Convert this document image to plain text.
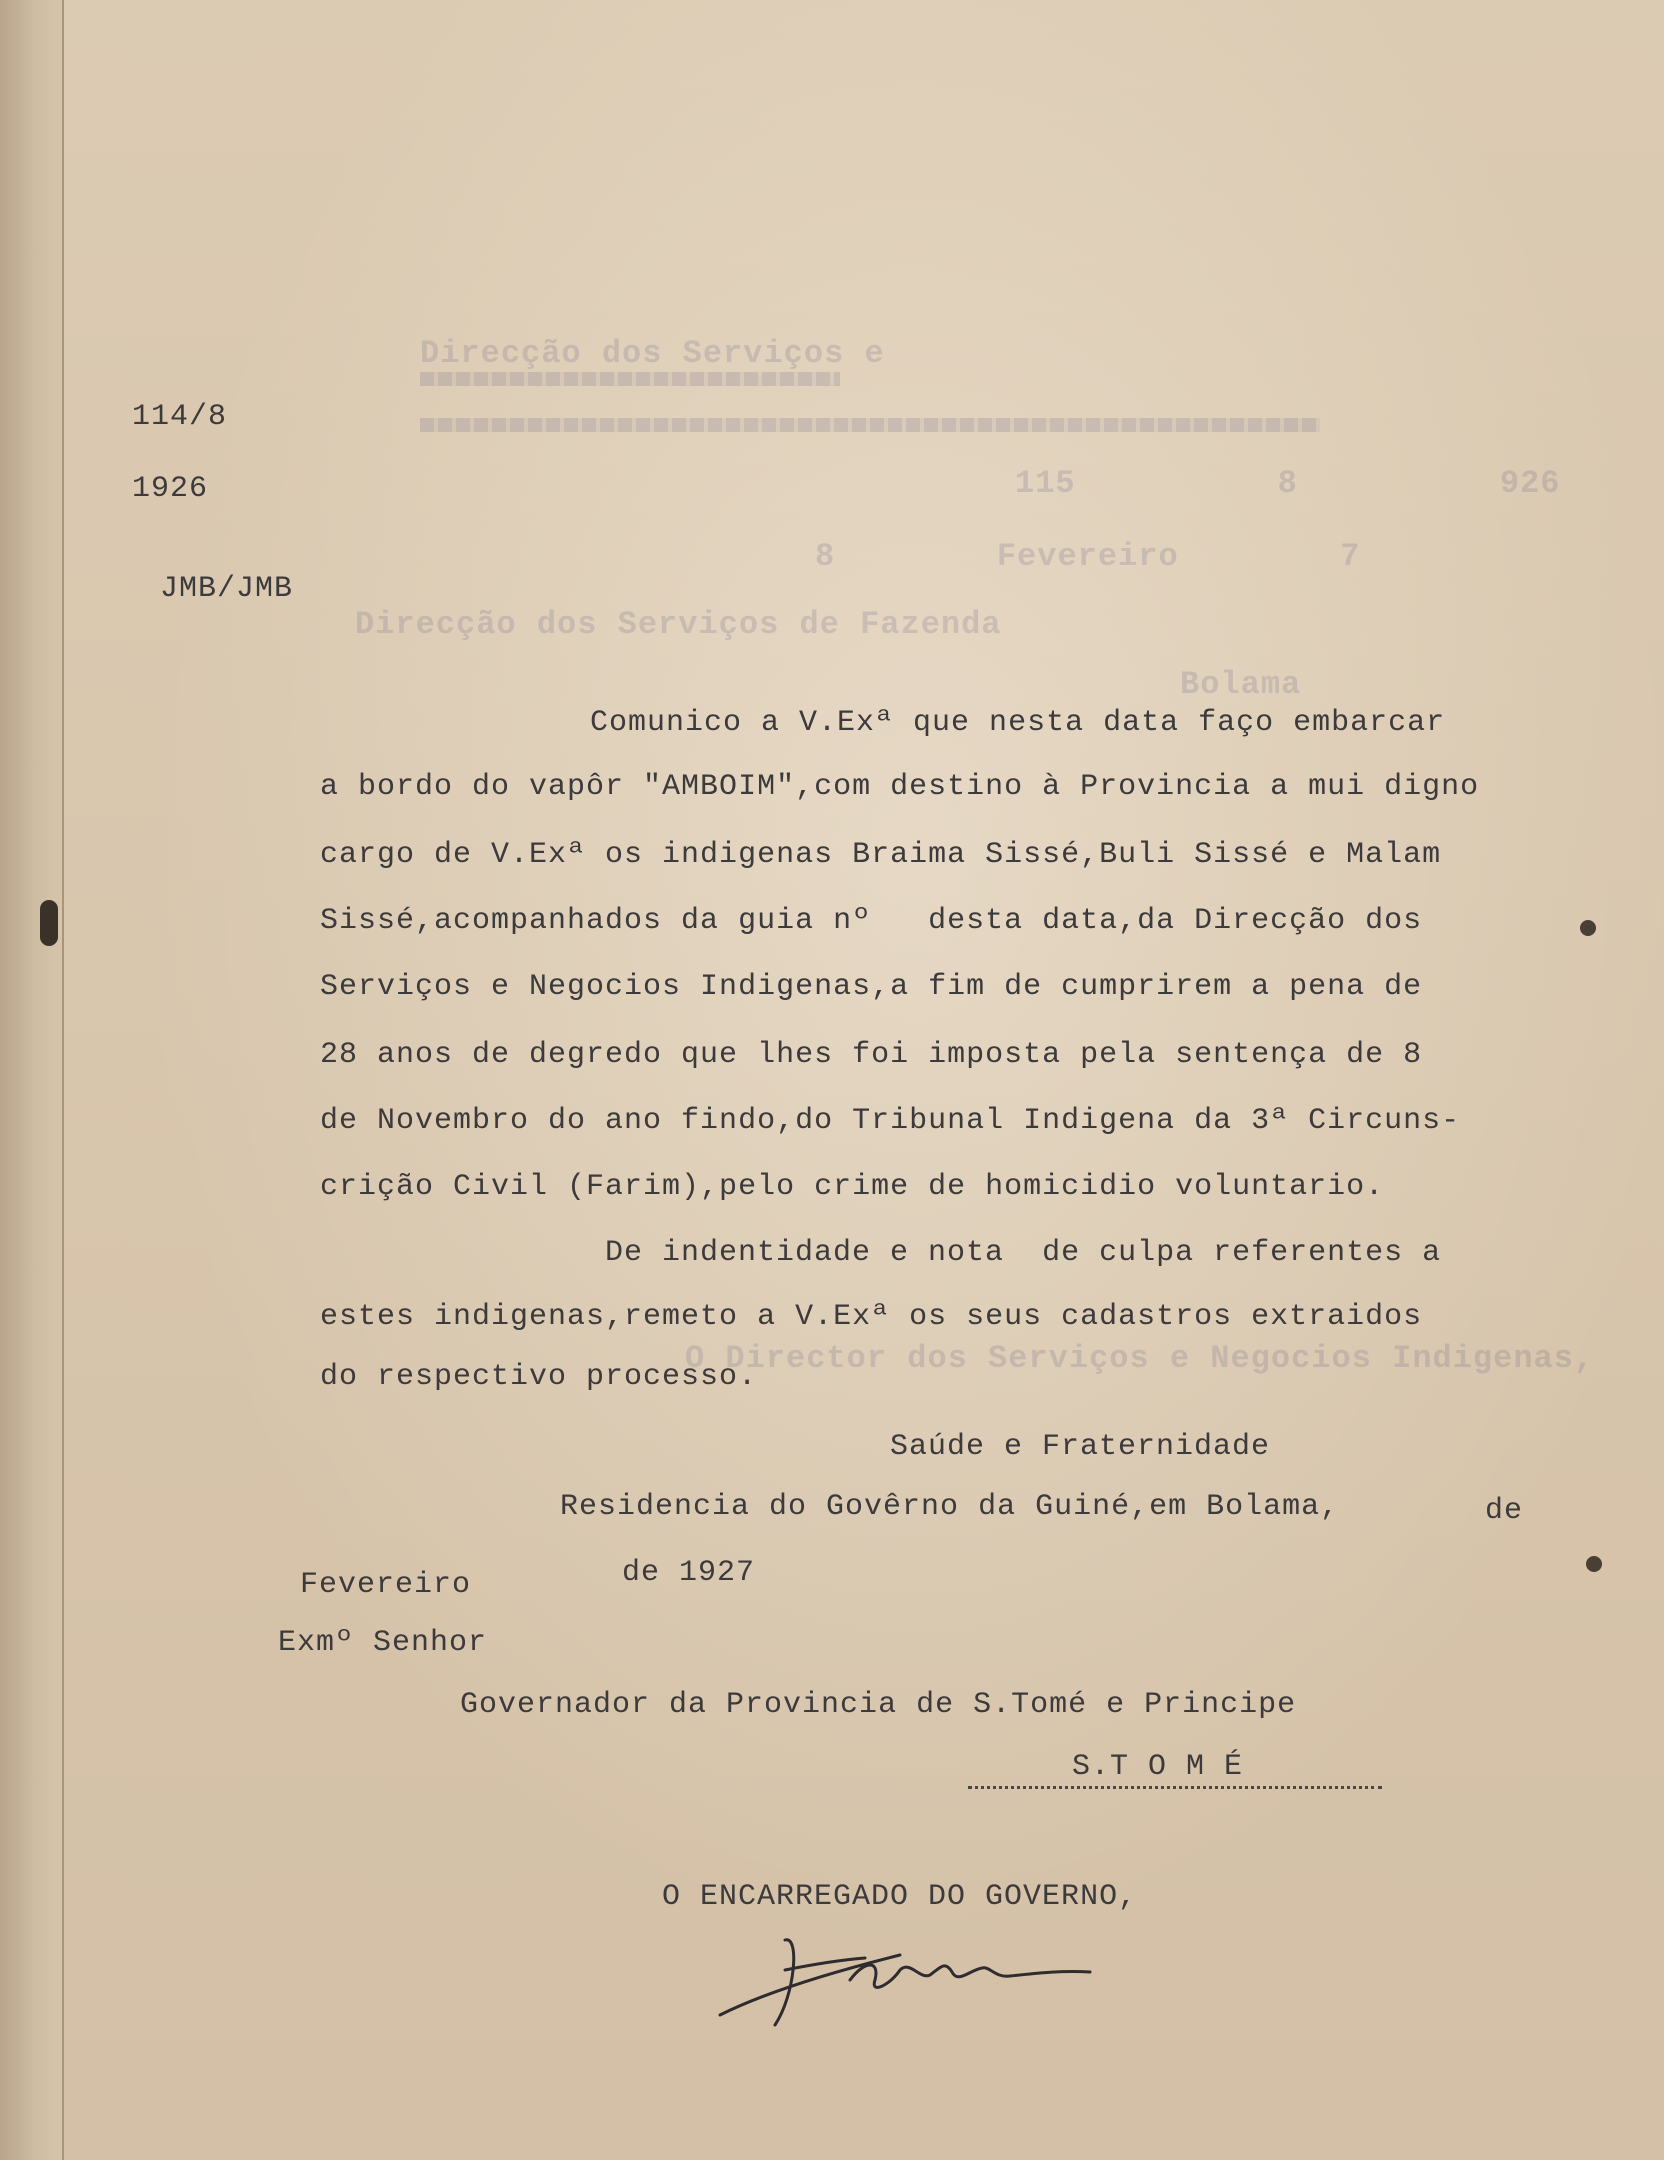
Direcção dos Serviços e
115          8          926
8        Fevereiro        7
Direcção dos Serviços de Fazenda
Bolama
O Director dos Serviços e Negocios Indigenas,
114/8
1926
JMB/JMB
Comunico a V.Exª que nesta data faço embarcar
a bordo do vapôr "AMBOIM",com destino à Provincia a mui digno
cargo de V.Exª os indigenas Braima Sissé,Buli Sissé e Malam
Sissé,acompanhados da guia nº   desta data,da Direcção dos
Serviços e Negocios Indigenas,a fim de cumprirem a pena de
28 anos de degredo que lhes foi imposta pela sentença de 8
de Novembro do ano findo,do Tribunal Indigena da 3ª Circuns-
crição Civil (Farim),pelo crime de homicidio voluntario.
De indentidade e nota  de culpa referentes a
estes indigenas,remeto a V.Exª os seus cadastros extraidos
do respectivo processo.
Saúde e Fraternidade
Residencia do Govêrno da Guiné,em Bolama,	de
Fevereiro	de 1927
Exmº Senhor
Governador da Provincia de S.Tomé e Principe
S.T O M É
O ENCARREGADO DO GOVERNO,
